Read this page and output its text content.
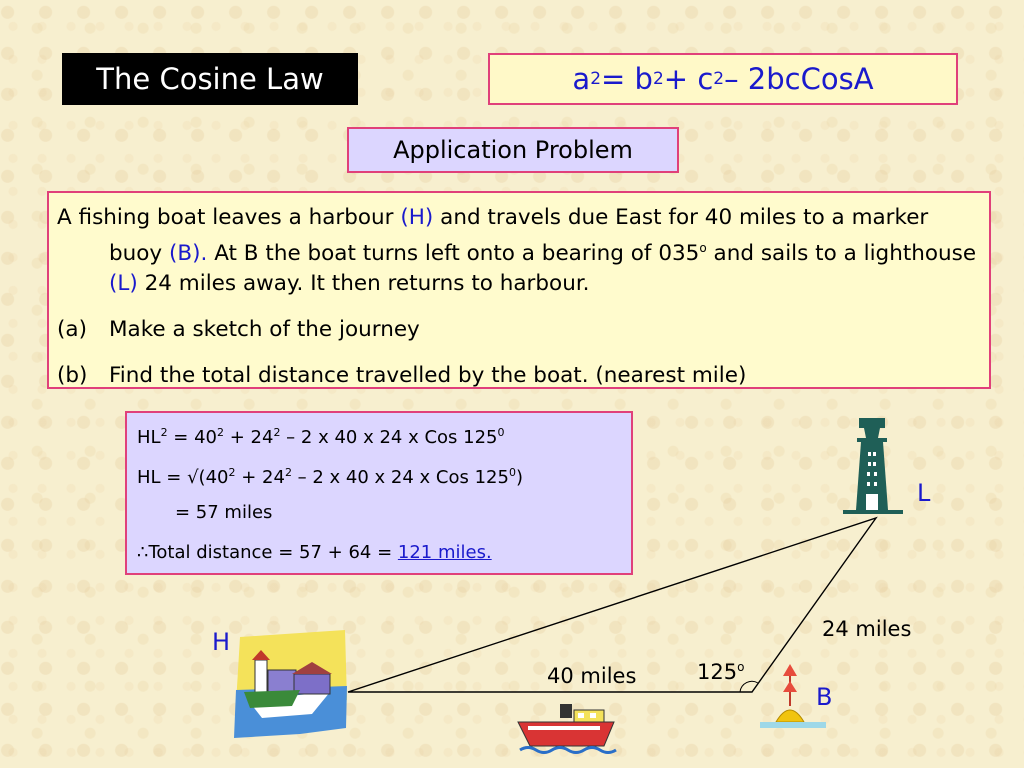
The Cosine Law	a 2 = b 2 + c 2 – 2bcCosA
Application Problem

A fishing boat leaves a harbour (H) and travels due East for 40 miles to a marker buoy (B). At B the boat turns left onto a bearing of 035$^o$ and sails to a lighthouse (L) 24 miles away. It then returns to harbour.

(a)	Make a sketch of the journey
(b)	Find the total distance travelled by the boat. (nearest mile)
$HL^2 = 40^2 + 24^2 - 2$ x 40 x 24 x Cos $125^0$
HL = $√(40^2 + 24^2 - 2$ x 40 x 24 x Cos $125^0$)
= 57 miles
∴Total distance = 57 + 64 = 121 miles.
H
B
L
40 miles
24 miles
125$^o$
